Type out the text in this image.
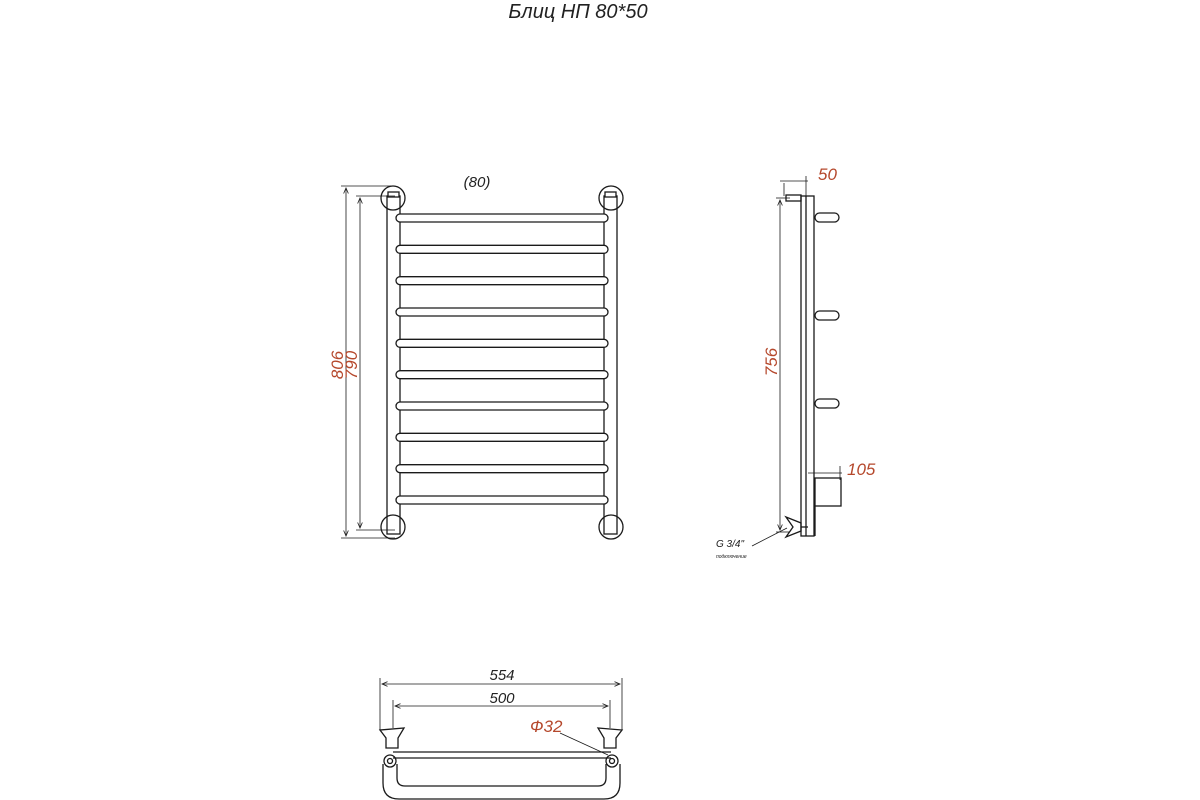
Блиц НП 80*50
806
790
(80)	50
756
105
G 3/4"
подключение
554
500
Ф32
